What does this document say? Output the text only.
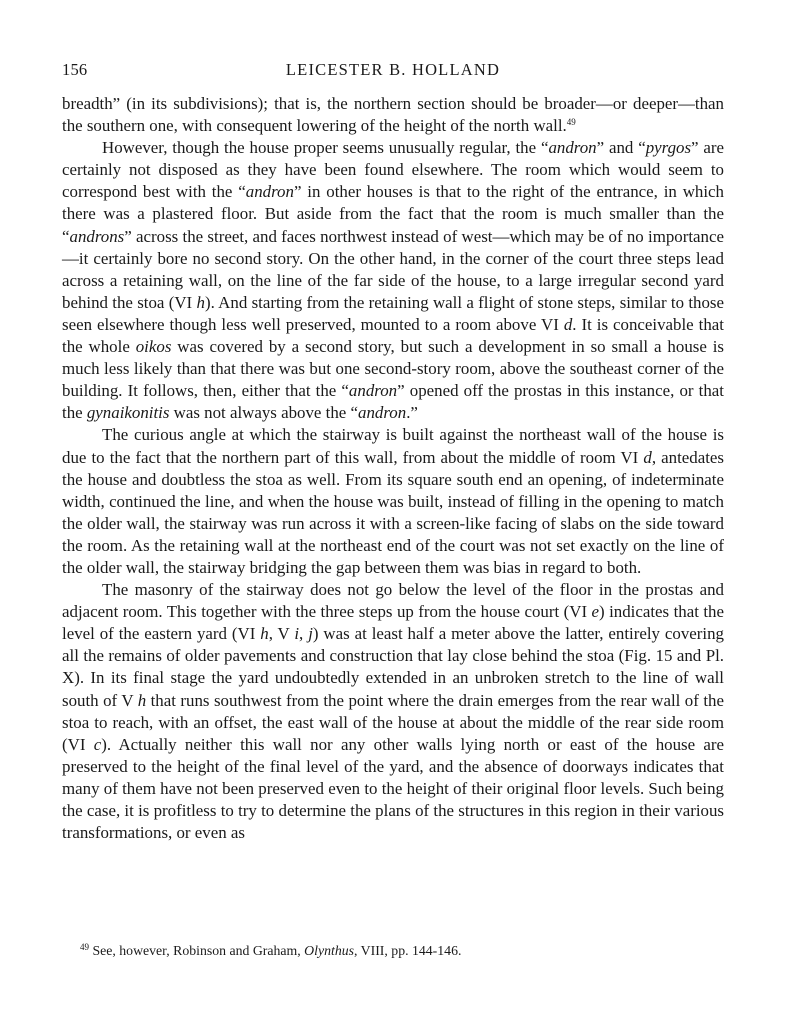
156	LEICESTER B. HOLLAND

breadth” (in its subdivisions); that is, the northern section should be broader—or deeper—than the southern one, with consequent lowering of the height of the north wall.$^{49}$

However, though the house proper seems unusually regular, the “andron” and “pyrgos” are certainly not disposed as they have been found elsewhere. The room which would seem to correspond best with the “andron” in other houses is that to the right of the entrance, in which there was a plastered floor. But aside from the fact that the room is much smaller than the “androns” across the street, and faces northwest instead of west—which may be of no importance—it certainly bore no second story. On the other hand, in the corner of the court three steps lead across a retaining wall, on the line of the far side of the house, to a large irregular second yard behind the stoa (VI h). And starting from the retaining wall a flight of stone steps, similar to those seen elsewhere though less well preserved, mounted to a room above VI d. It is conceivable that the whole oikos was covered by a second story, but such a development in so small a house is much less likely than that there was but one second-story room, above the southeast corner of the building. It follows, then, either that the “andron” opened off the prostas in this instance, or that the gynaikonitis was not always above the “andron.”

The curious angle at which the stairway is built against the northeast wall of the house is due to the fact that the northern part of this wall, from about the middle of room VI d, antedates the house and doubtless the stoa as well. From its square south end an opening, of indeterminate width, continued the line, and when the house was built, instead of filling in the opening to match the older wall, the stairway was run across it with a screen-like facing of slabs on the side toward the room. As the retaining wall at the northeast end of the court was not set exactly on the line of the older wall, the stairway bridging the gap between them was bias in regard to both.

The masonry of the stairway does not go below the level of the floor in the prostas and adjacent room. This together with the three steps up from the house court (VI e) indicates that the level of the eastern yard (VI h, V i, j) was at least half a meter above the latter, entirely covering all the remains of older pavements and construction that lay close behind the stoa (Fig. 15 and Pl. X). In its final stage the yard undoubtedly extended in an unbroken stretch to the line of wall south of V h that runs southwest from the point where the drain emerges from the rear wall of the stoa to reach, with an offset, the east wall of the house at about the middle of the rear side room (VI c). Actually neither this wall nor any other walls lying north or east of the house are preserved to the height of the final level of the yard, and the absence of doorways indicates that many of them have not been preserved even to the height of their original floor levels. Such being the case, it is profitless to try to determine the plans of the structures in this region in their various transformations, or even as

$^{49}$ See, however, Robinson and Graham, Olynthus, VIII, pp. 144-146.
